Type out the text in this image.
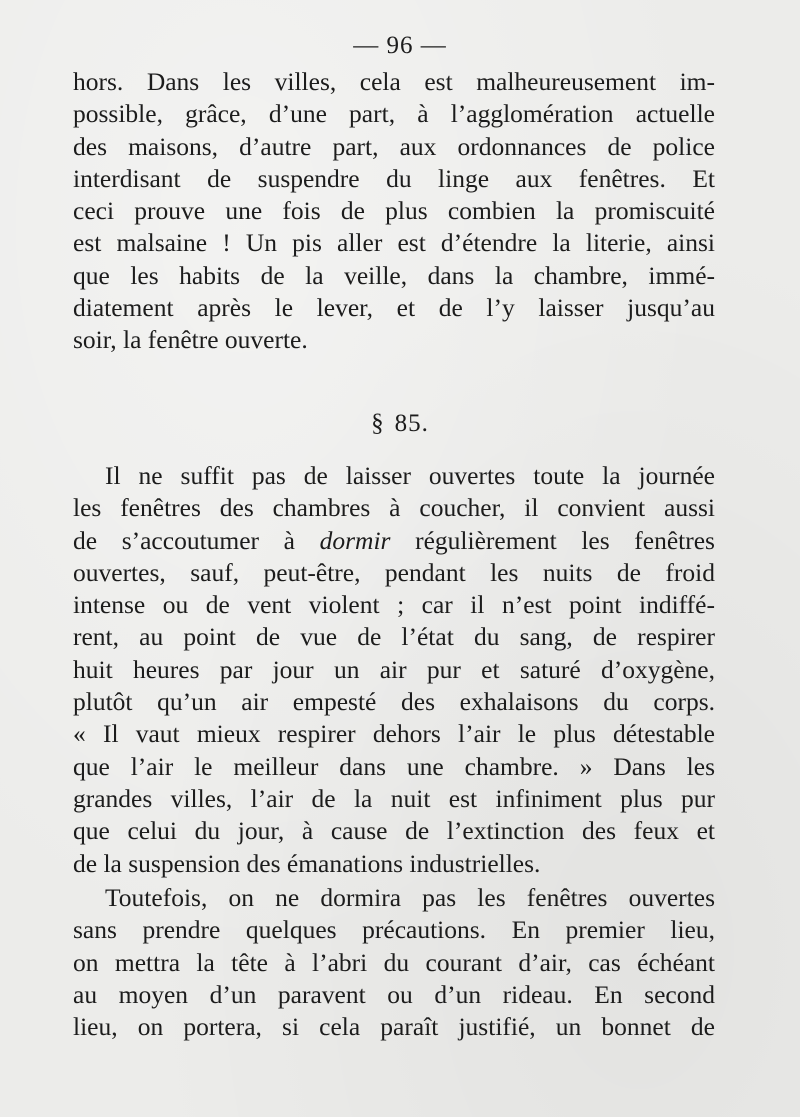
— 96 —
hors. Dans les villes, cela est malheureusement im-
possible, grâce, d’une part, à l’agglomération actuelle
des maisons, d’autre part, aux ordonnances de police
interdisant de suspendre du linge aux fenêtres. Et
ceci prouve une fois de plus combien la promiscuité
est malsaine ! Un pis aller est d’étendre la literie, ainsi
que les habits de la veille, dans la chambre, immé-
diatement après le lever, et de l’y laisser jusqu’au
soir, la fenêtre ouverte.
§ 85.
Il ne suffit pas de laisser ouvertes toute la journée
les fenêtres des chambres à coucher, il convient aussi
de s’accoutumer à dormir régulièrement les fenêtres
ouvertes, sauf, peut-être, pendant les nuits de froid
intense ou de vent violent ; car il n’est point indiffé-
rent, au point de vue de l’état du sang, de respirer
huit heures par jour un air pur et saturé d’oxygène,
plutôt qu’un air empesté des exhalaisons du corps.
« Il vaut mieux respirer dehors l’air le plus détestable
que l’air le meilleur dans une chambre. » Dans les
grandes villes, l’air de la nuit est infiniment plus pur
que celui du jour, à cause de l’extinction des feux et
de la suspension des émanations industrielles.
Toutefois, on ne dormira pas les fenêtres ouvertes
sans prendre quelques précautions. En premier lieu,
on mettra la tête à l’abri du courant d’air, cas échéant
au moyen d’un paravent ou d’un rideau. En second
lieu, on portera, si cela paraît justifié, un bonnet de
